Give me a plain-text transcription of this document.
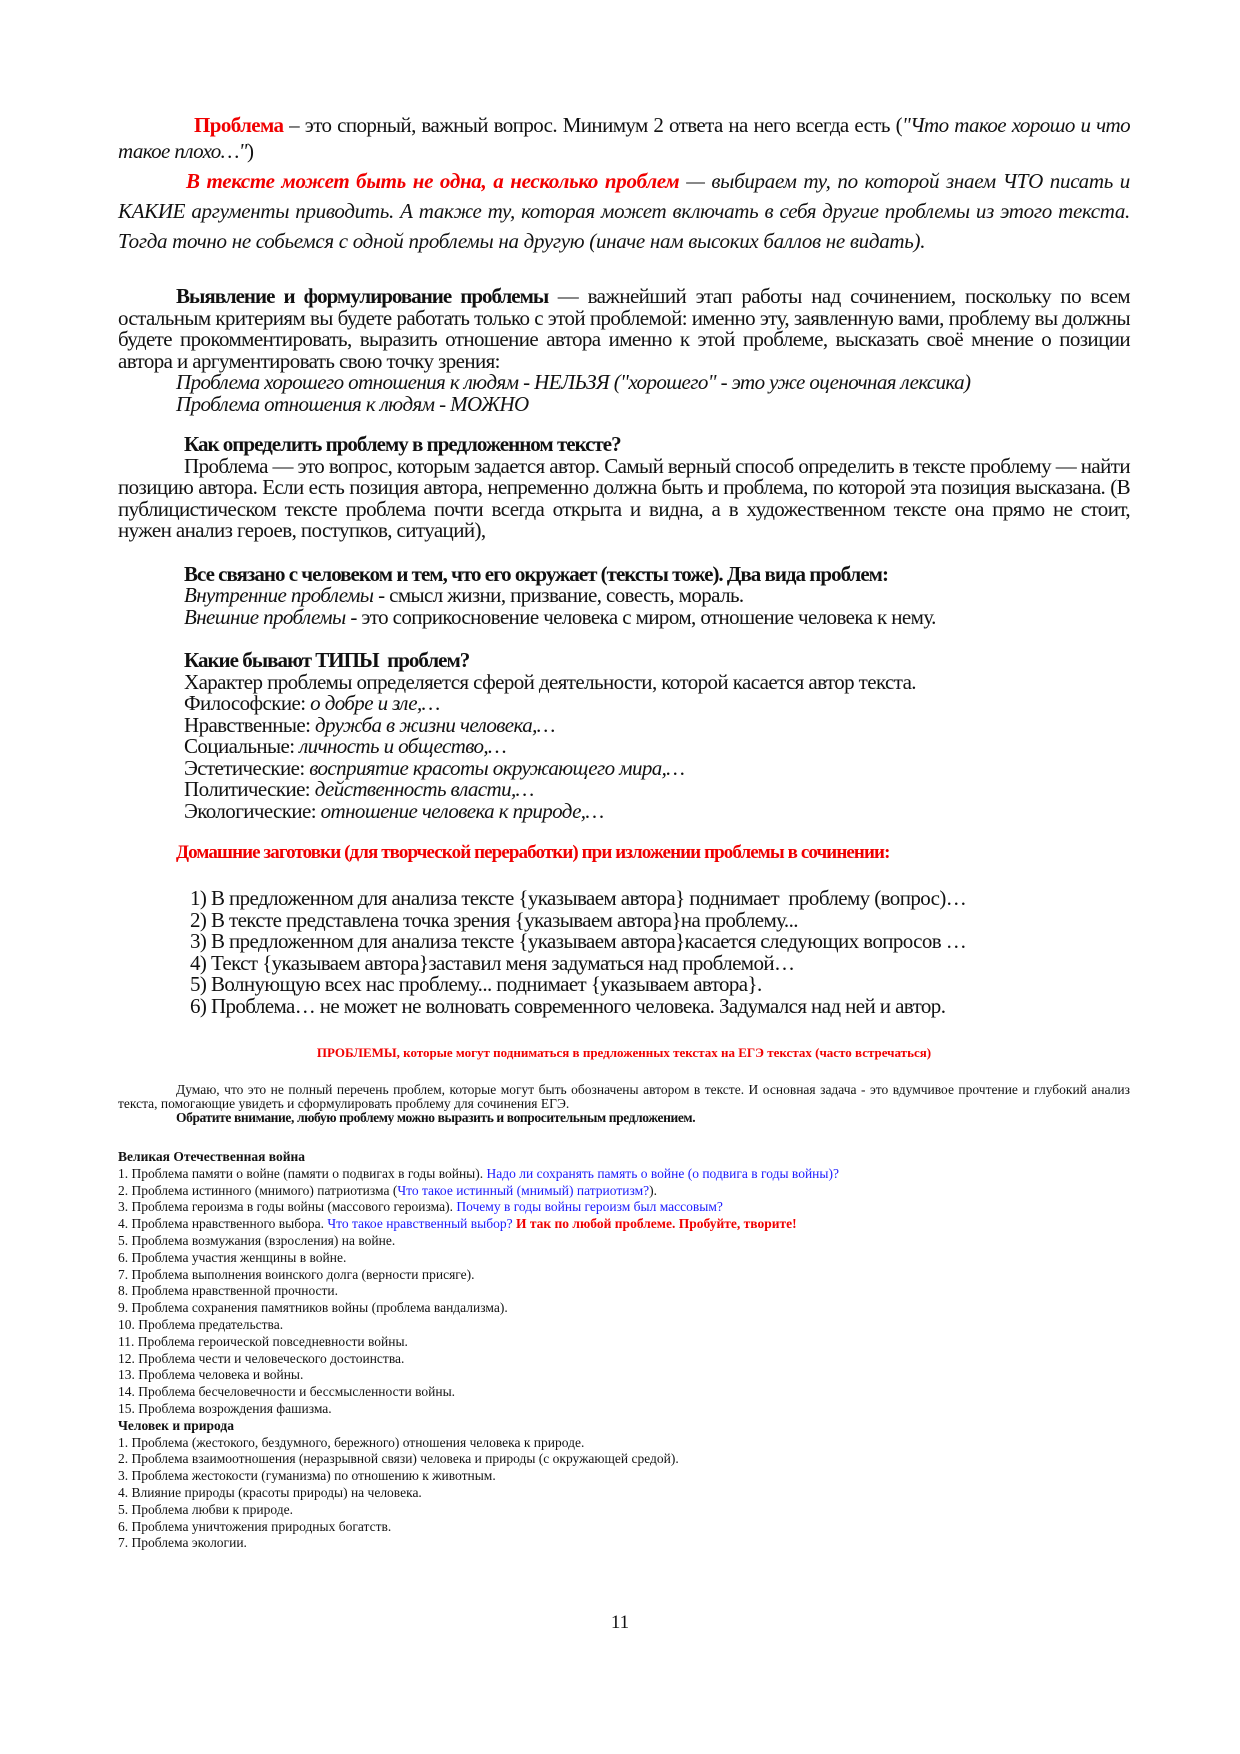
Проблема – это спорный, важный вопрос. Минимум 2 ответа на него всегда есть ("Что такое хорошо и что такое плохо…")
В тексте может быть не одна, а несколько проблем — выбираем ту, по которой знаем ЧТО писать и КАКИЕ аргументы приводить. А также ту, которая может включать в себя другие проблемы из этого текста. Тогда точно не собьемся с одной проблемы на другую (иначе нам высоких баллов не видать).
Выявление и формулирование проблемы — важнейший этап работы над сочинением, поскольку по всем остальным критериям вы будете работать только с этой проблемой: именно эту, заявленную вами, проблему вы должны будете прокомментировать, выразить отношение автора именно к этой проблеме, высказать своё мнение о позиции автора и аргументировать свою точку зрения:
Проблема хорошего отношения к людям - НЕЛЬЗЯ ("хорошего" - это уже оценочная лексика)
Проблема отношения к людям - МОЖНО
Как определить проблему в предложенном тексте?
Проблема — это вопрос, которым задается автор. Самый верный способ определить в тексте проблему — найти позицию автора. Если есть позиция автора, непременно должна быть и проблема, по которой эта позиция высказана. (В публицистическом тексте проблема почти всегда открыта и видна, а в художественном тексте она прямо не стоит, нужен анализ героев, поступков, ситуаций),
Все связано с человеком и тем, что его окружает (тексты тоже). Два вида проблем:
Внутренние проблемы - смысл жизни, призвание, совесть, мораль.
Внешние проблемы - это соприкосновение человека с миром, отношение человека к нему.
Какие бывают ТИПЫ  проблем?
Характер проблемы определяется сферой деятельности, которой касается автор текста.
Философские: о добре и зле,…
Нравственные: дружба в жизни человека,…
Социальные: личность и общество,…
Эстетические: восприятие красоты окружающего мира,…
Политические: действенность власти,…
Экологические: отношение человека к природе,…
Домашние заготовки (для творческой переработки) при изложении проблемы в сочинении:
1) В предложенном для анализа тексте {указываем автора} поднимает  проблему (вопрос)…
2) В тексте представлена точка зрения {указываем автора}на проблему...
3) В предложенном для анализа тексте {указываем автора}касается следующих вопросов …
4) Текст {указываем автора}заставил меня задуматься над проблемой…
5) Волнующую всех нас проблему... поднимает {указываем автора}.
6) Проблема… не может не волновать современного человека. Задумался над ней и автор.
ПРОБЛЕМЫ, которые могут подниматься в предложенных текстах на ЕГЭ текстах (часто встречаться)
Думаю, что это не полный перечень проблем, которые могут быть обозначены автором в тексте. И основная задача - это вдумчивое прочтение и глубокий анализ текста, помогающие увидеть и сформулировать проблему для сочинения ЕГЭ.
Обратите внимание, любую проблему можно выразить и вопросительным предложением.
Великая Отечественная война
1. Проблема памяти о войне (памяти о подвигах в годы войны). Надо ли сохранять память о войне (о подвига в годы войны)?
2. Проблема истинного (мнимого) патриотизма (Что такое истинный (мнимый) патриотизм?).
3. Проблема героизма в годы войны (массового героизма). Почему в годы войны героизм был массовым?
4. Проблема нравственного выбора. Что такое нравственный выбор? И так по любой проблеме. Пробуйте, творите!
5. Проблема возмужания (взросления) на войне.
6. Проблема участия женщины в войне.
7. Проблема выполнения воинского долга (верности присяге).
8. Проблема нравственной прочности.
9. Проблема сохранения памятников войны (проблема вандализма).
10. Проблема предательства.
11. Проблема героической повседневности войны.
12. Проблема чести и человеческого достоинства.
13. Проблема человека и войны.
14. Проблема бесчеловечности и бессмысленности войны.
15. Проблема возрождения фашизма.
Человек и природа
1. Проблема (жестокого, бездумного, бережного) отношения человека к природе.
2. Проблема взаимоотношения (неразрывной связи) человека и природы (с окружающей средой).
3. Проблема жестокости (гуманизма) по отношению к животным.
4. Влияние природы (красоты природы) на человека.
5. Проблема любви к природе.
6. Проблема уничтожения природных богатств.
7. Проблема экологии.
11
